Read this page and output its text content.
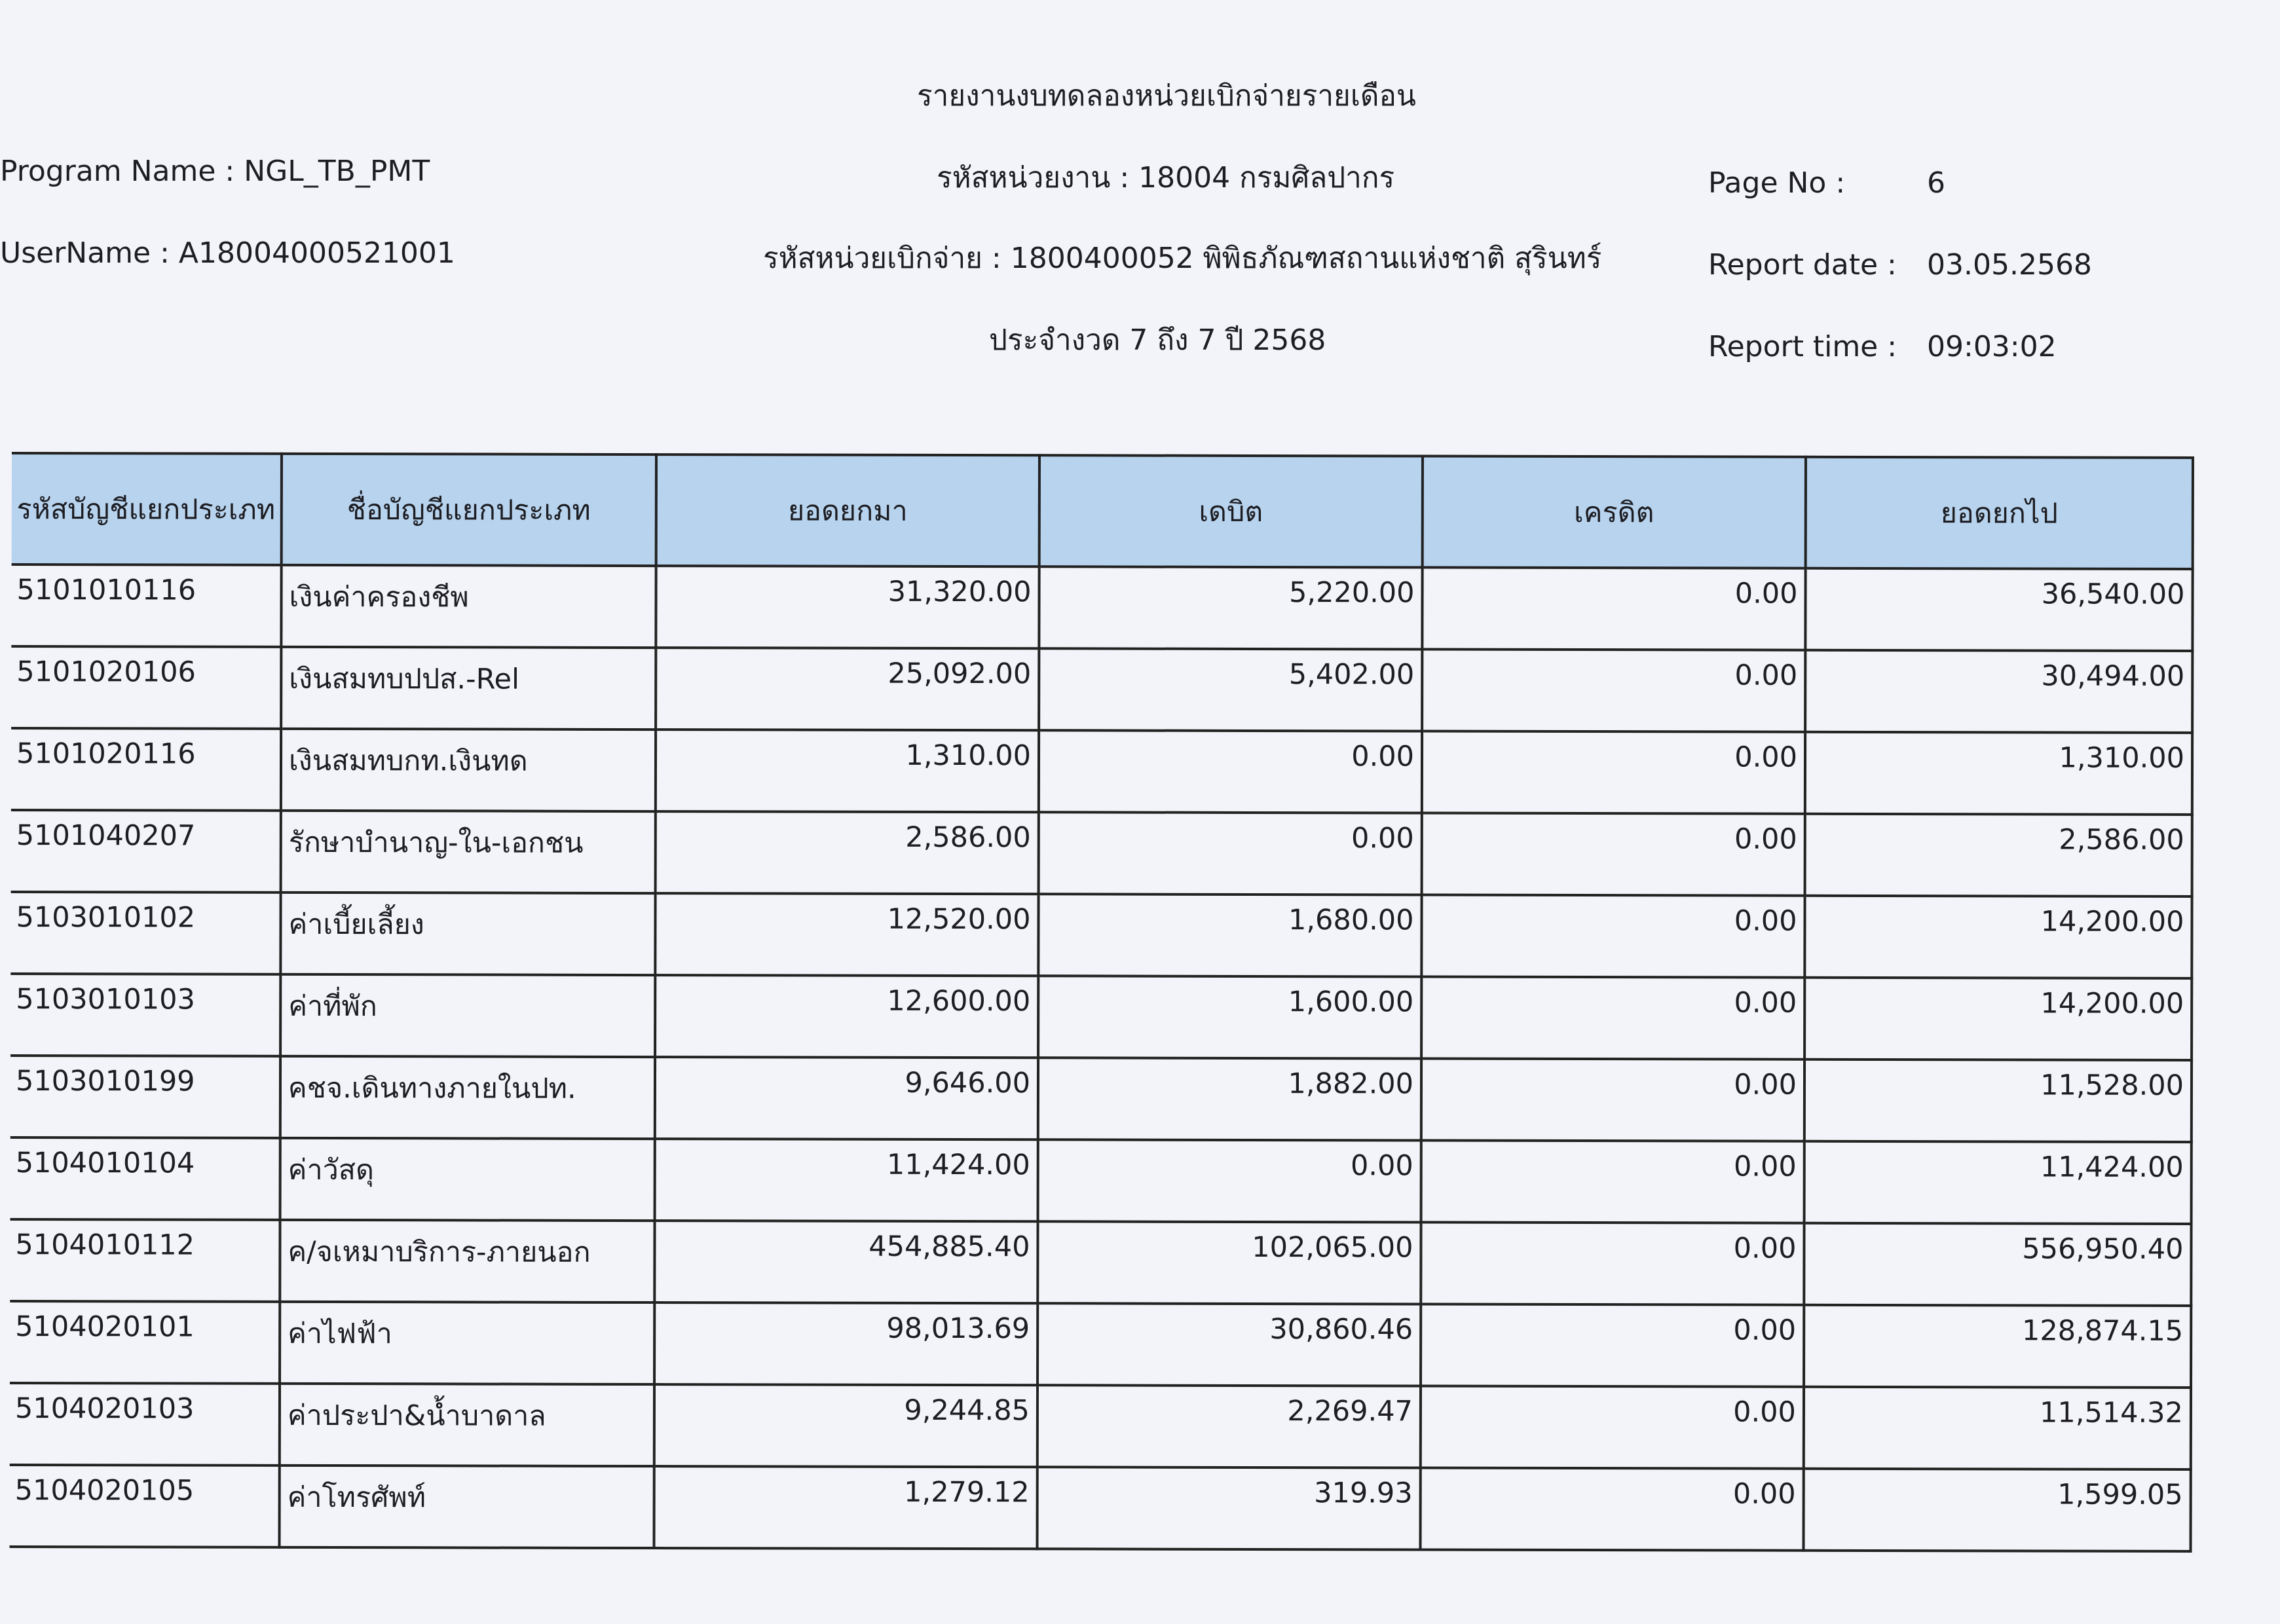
รายงานงบทดลองหน่วยเบิกจ่ายรายเดือน
รหัสหน่วยงาน : 18004 กรมศิลปากร
รหัสหน่วยเบิกจ่าย : 1800400052 พิพิธภัณฑสถานแห่งชาติ สุรินทร์
ประจำงวด 7 ถึง 7 ปี 2568
Program Name : NGL_TB_PMT
UserName : A18004000521001
Page No :	6
Report date : 03.05.2568
Report time : 09:03:02
รหัสบัญชีแยกประเภท	ชื่อบัญชีแยกประเภท	ยอดยกมา	เดบิต	เครดิต	ยอดยกไป
5101010116	เงินค่าครองชีพ	31,320.00	5,220.00	0.00	36,540.00
5101020106	เงินสมทบปปส.-Rel	25,092.00	5,402.00	0.00	30,494.00
5101020116	เงินสมทบกท.เงินทด	1,310.00	0.00	0.00	1,310.00
5101040207	รักษาบำนาญ-ใน-เอกชน	2,586.00	0.00	0.00	2,586.00
5103010102	ค่าเบี้ยเลี้ยง	12,520.00	1,680.00	0.00	14,200.00
5103010103	ค่าที่พัก	12,600.00	1,600.00	0.00	14,200.00
5103010199	คชจ.เดินทางภายในปท.	9,646.00	1,882.00	0.00	11,528.00
5104010104	ค่าวัสดุ	11,424.00	0.00	0.00	11,424.00
5104010112	ค/จเหมาบริการ-ภายนอก	454,885.40	102,065.00	0.00	556,950.40
5104020101	ค่าไฟฟ้า	98,013.69	30,860.46	0.00	128,874.15
5104020103	ค่าประปา&น้ำบาดาล	9,244.85	2,269.47	0.00	11,514.32
5104020105	ค่าโทรศัพท์	1,279.12	319.93	0.00	1,599.05
